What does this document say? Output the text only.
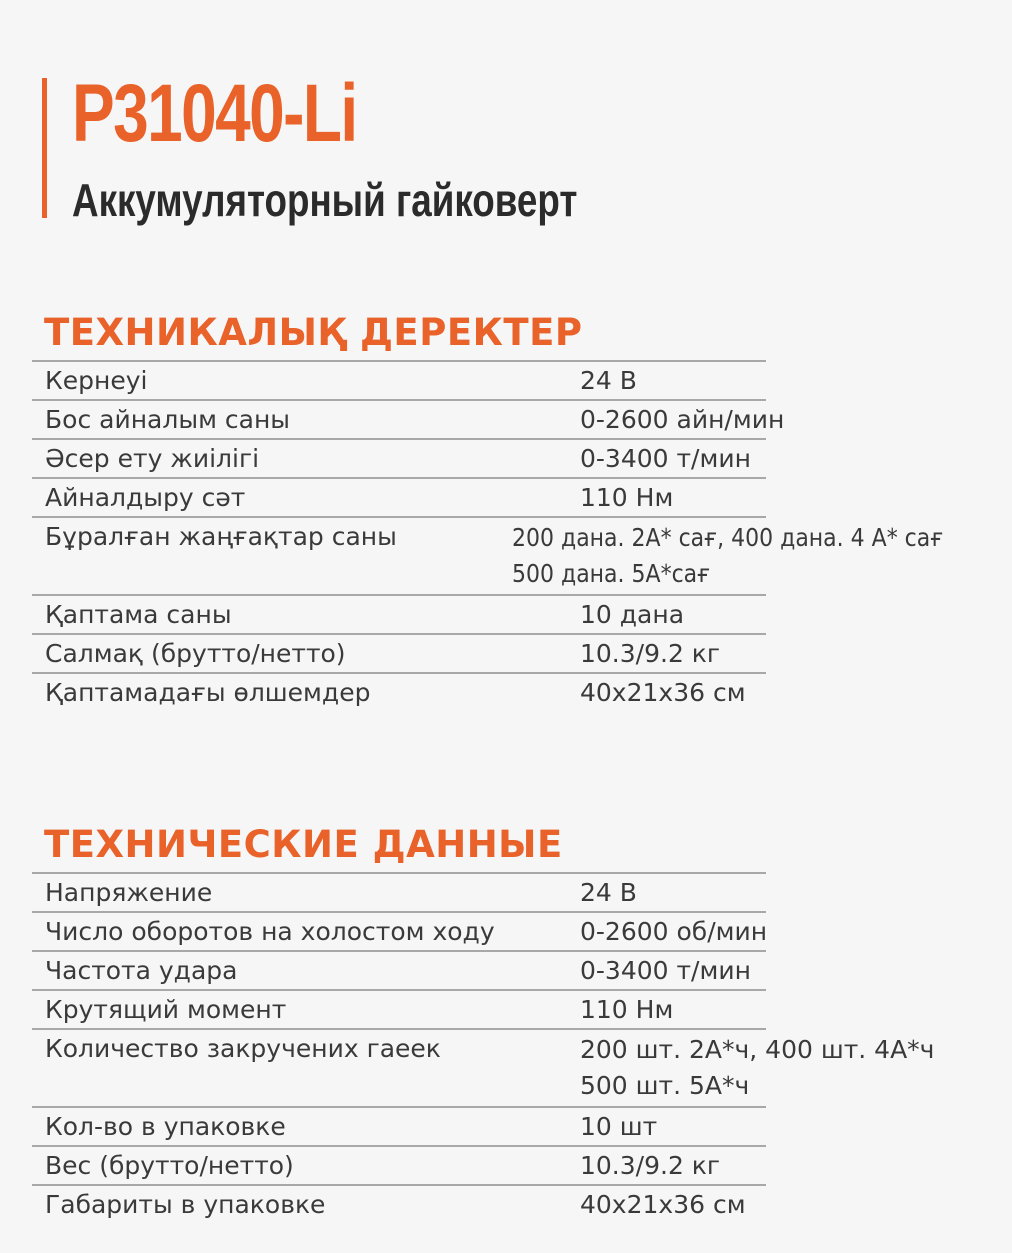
P31040-Li
Аккумуляторный гайковерт
ТЕХНИКАЛЫҚ ДЕРЕКТЕР
Кернеуі	24 В
Бос айналым саны	0-2600 айн/мин
Әсер ету жиілігі	0-3400 т/мин
Айналдыру сәт	110 Нм
Бұралған жаңғақтар саны	200 дана. 2А* сағ, 400 дана. 4 А* сағ
500 дана. 5А*сағ
Қаптама саны	10 дана
Салмақ (брутто/нетто)	10.3/9.2 кг
Қаптамадағы өлшемдер	40х21х36 см
ТЕХНИЧЕСКИЕ ДАННЫЕ
Напряжение	24 В
Число оборотов на холостом ходу	0-2600 об/мин
Частота удара	0-3400 т/мин
Крутящий момент	110 Нм
Количество закручених гаеек	200 шт. 2А*ч, 400 шт. 4А*ч
500 шт. 5А*ч
Кол-во в упаковке	10 шт
Вес (брутто/нетто)	10.3/9.2 кг
Габариты в упаковке	40х21х36 см
